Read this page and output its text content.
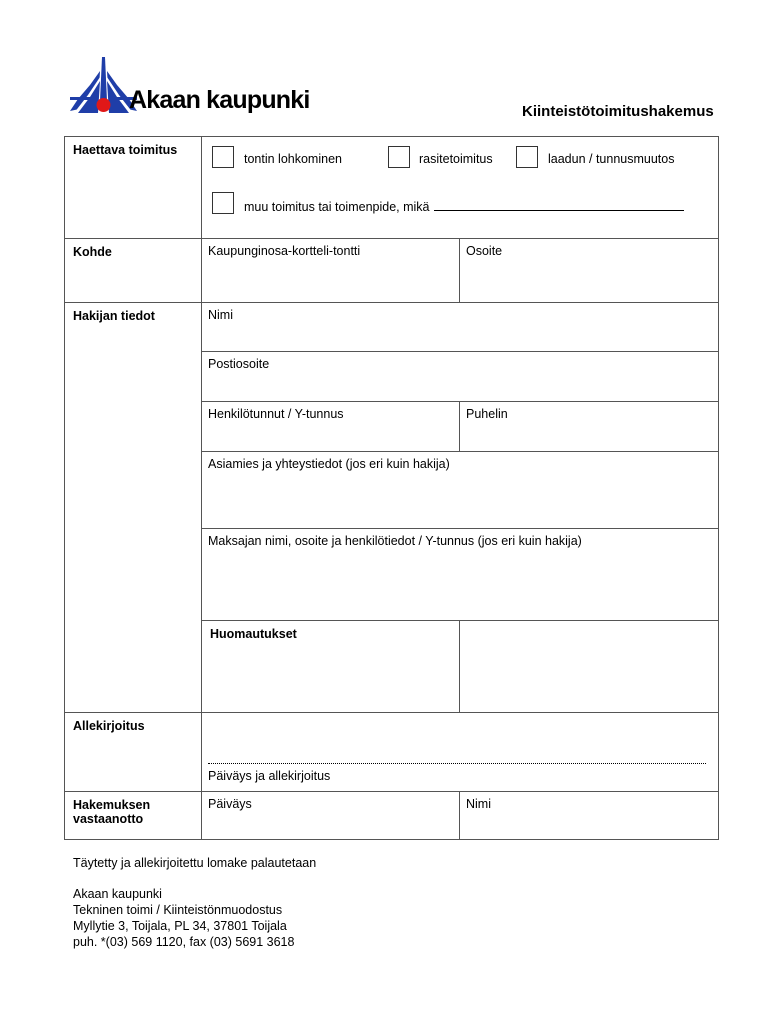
Akaan kaupunki	Kiinteistötoimitushakemus
Haettava toimitus	tontin lohkominen rasitetoimitus laadun / tunnusmuutos
muu toimitus tai toimenpide, mikä	

Kohde	Kaupunginosa-kortteli-tontti	Osoite

Hakijan tiedot	Nimi	

	Postiosoite	

	Henkilötunnut / Y-tunnus	Puhelin

	Asiamies ja yhteystiedot (jos eri kuin hakija)	

	Maksajan nimi, osoite ja henkilötiedot / Y-tunnus (jos eri kuin hakija)	

	Huomautukset	
Allekirjoitus	Päiväys ja allekirjoitus	

Hakemuksen vastaanotto	Päiväys	Nimi
Täytetty ja allekirjoitettu lomake palautetaan
Akaan kaupunki
Tekninen toimi / Kiinteistönmuodostus
Myllytie 3, Toijala, PL 34, 37801 Toijala
puh. *(03) 569 1120, fax (03) 5691 3618
